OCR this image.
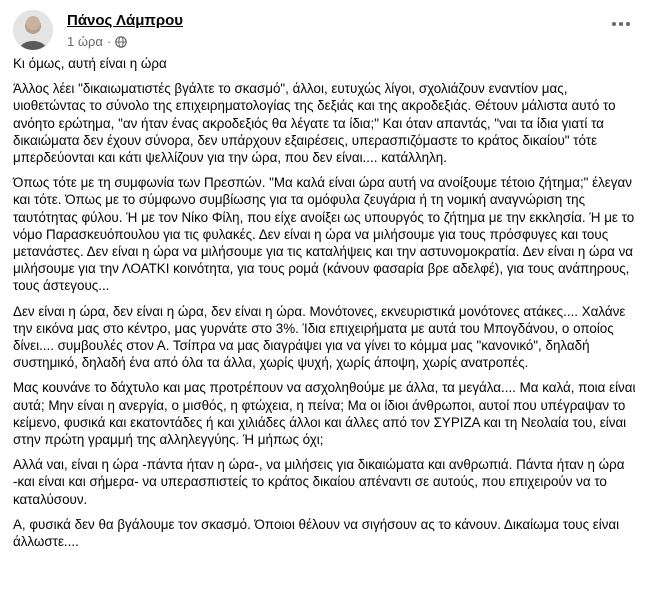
Πάνος Λάμπρου
1 ώρα ·

Κι όμως, αυτή είναι η ώρα

Άλλος λέει "δικαιωματιστές βγάλτε το σκασμό", άλλοι, ευτυχώς λίγοι, σχολιάζουν εναντίον μας, υιοθετώντας το σύνολο της επιχειρηματολογίας της δεξιάς και της ακροδεξιάς. Θέτουν μάλιστα αυτό το ανόητο ερώτημα, "αν ήταν ένας ακροδεξιός θα λέγατε τα ίδια;" Και όταν απαντάς, "ναι τα ίδια γιατί τα δικαιώματα δεν έχουν σύνορα, δεν υπάρχουν εξαιρέσεις, υπερασπιζόμαστε το κράτος δικαίου" τότε μπερδεύονται και κάτι ψελλίζουν για την ώρα, που δεν είναι.... κατάλληλη.

Όπως τότε με τη συμφωνία των Πρεσπών. "Μα καλά είναι ώρα αυτή να ανοίξουμε τέτοιο ζήτημα;" έλεγαν και τότε. Όπως με το σύμφωνο συμβίωσης για τα ομόφυλα ζευγάρια ή τη νομική αναγνώριση της ταυτότητας φύλου. Ή με τον Νίκο Φίλη, που είχε ανοίξει ως υπουργός το ζήτημα με την εκκλησία. Ή με το νόμο Παρασκευόπουλου για τις φυλακές. Δεν είναι η ώρα να μιλήσουμε για τους πρόσφυγες και τους μετανάστες. Δεν είναι η ώρα να μιλήσουμε για τις καταλήψεις και την αστυνομοκρατία. Δεν είναι η ώρα να μιλήσουμε για την ΛΟΑΤΚΙ κοινότητα, για τους ρομά (κάνουν φασαρία βρε αδελφέ), για τους ανάπηρους, τους άστεγους...

Δεν είναι η ώρα, δεν είναι η ώρα, δεν είναι η ώρα. Μονότονες, εκνευριστικά μονότονες ατάκες.... Χαλάνε την εικόνα μας στο κέντρο, μας γυρνάτε στο 3%. Ίδια επιχειρήματα με αυτά του Μπογδάνου, ο οποίος δίνει.... συμβουλές στον Α. Τσίπρα να μας διαγράψει για να γίνει το κόμμα μας "κανονικό", δηλαδή συστημικό, δηλαδή ένα από όλα τα άλλα, χωρίς ψυχή, χωρίς άποψη, χωρίς ανατροπές.

Μας κουνάνε το δάχτυλο και μας προτρέπουν να ασχοληθούμε με άλλα, τα μεγάλα.... Μα καλά, ποια είναι αυτά; Μην είναι η ανεργία, ο μισθός, η φτώχεια, η πείνα; Μα οι ίδιοι άνθρωποι, αυτοί που υπέγραψαν το κείμενο, φυσικά και εκατοντάδες ή και χιλιάδες άλλοι και άλλες από τον ΣΥΡΙΖΑ και τη Νεολαία του, είναι στην πρώτη γραμμή της αλληλεγγύης. Ή μήπως όχι;

Αλλά ναι, είναι η ώρα -πάντα ήταν η ώρα-, να μιλήσεις για δικαιώματα και ανθρωπιά. Πάντα ήταν η ώρα -και είναι και σήμερα- να υπερασπιστείς το κράτος δικαίου απέναντι σε αυτούς, που επιχειρούν να το καταλύσουν.

Α, φυσικά δεν θα βγάλουμε τον σκασμό. Όποιοι θέλουν να σιγήσουν ας το κάνουν. Δικαίωμα τους είναι άλλωστε....
